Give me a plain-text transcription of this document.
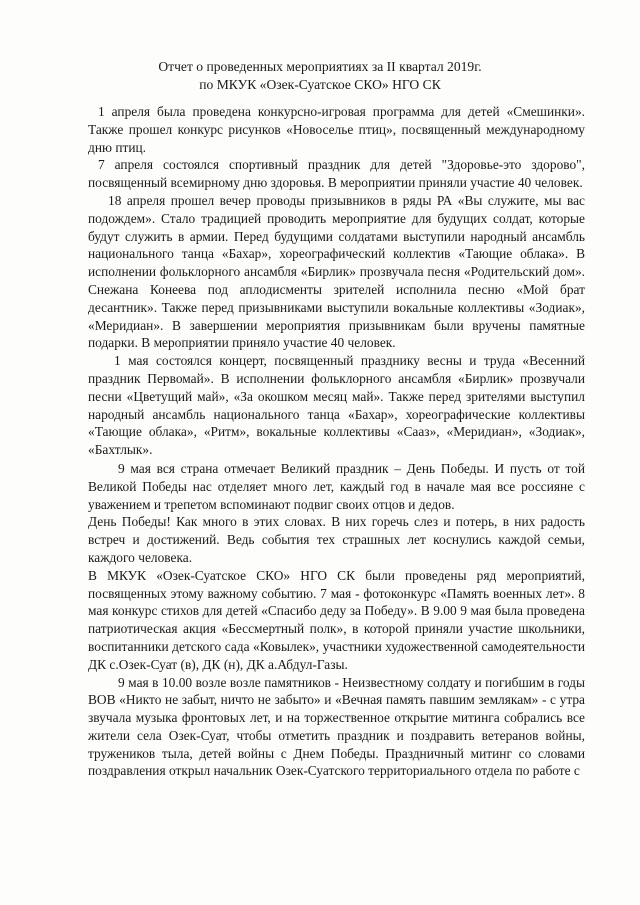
Отчет о проведенных мероприятиях за II квартал 2019г.
по МКУК «Озек-Суатское СКО» НГО СК

1 апреля была проведена конкурсно-игровая программа для детей «Смешинки». Также прошел конкурс рисунков «Новоселье птиц», посвященный международному дню птиц.

7 апреля состоялся спортивный праздник для детей "Здоровье-это здорово", посвященный всемирному дню здоровья. В мероприятии приняли участие 40 человек.

18 апреля прошел вечер проводы призывников в ряды РА «Вы служите, мы вас подождем». Стало традицией проводить мероприятие для будущих солдат, которые будут служить в армии. Перед будущими солдатами выступили народный ансамбль национального танца «Бахар», хореографический коллектив «Тающие облака». В исполнении фольклорного ансамбля «Бирлик» прозвучала песня «Родительский дом». Снежана Конеева под аплодисменты зрителей исполнила песню «Мой брат десантник». Также перед призывниками выступили вокальные коллективы «Зодиак», «Меридиан». В завершении мероприятия призывникам были вручены памятные подарки. В мероприятии приняло участие 40 человек.

1 мая состоялся концерт, посвященный празднику весны и труда «Весенний праздник Первомай». В исполнении фольклорного ансамбля «Бирлик» прозвучали песни «Цветущий май», «За окошком месяц май». Также перед зрителями выступил народный ансамбль национального танца «Бахар», хореографические коллективы «Тающие облака», «Ритм», вокальные коллективы «Сааз», «Меридиан», «Зодиак», «Бахтлык».

9 мая вся страна отмечает Великий праздник – День Победы. И пусть от той Великой Победы нас отделяет много лет, каждый год в начале мая все россияне с уважением и трепетом вспоминают подвиг своих отцов и дедов.

День Победы! Как много в этих словах. В них горечь слез и потерь, в них радость встреч и достижений. Ведь события тех страшных лет коснулись каждой семьи, каждого человека.

В МКУК «Озек-Суатское СКО» НГО СК были проведены ряд мероприятий, посвященных этому важному событию. 7 мая - фотоконкурс «Память военных лет». 8 мая конкурс стихов для детей «Спасибо деду за Победу». В 9.00 9 мая была проведена патриотическая акция «Бессмертный полк», в которой приняли участие школьники, воспитанники детского сада «Ковылек», участники художественной самодеятельности ДК с.Озек-Суат (в), ДК (н), ДК а.Абдул-Газы.

9 мая в 10.00 возле возле памятников - Неизвестному солдату и погибшим в годы ВОВ «Никто не забыт, ничто не забыто» и «Вечная память павшим землякам» - с утра звучала музыка фронтовых лет, и на торжественное открытие митинга собрались все жители села Озек-Суат, чтобы отметить праздник и поздравить ветеранов войны, тружеников тыла, детей войны с Днем Победы. Праздничный митинг со словами поздравления открыл начальник Озек-Суатского территориального отдела по работе с
